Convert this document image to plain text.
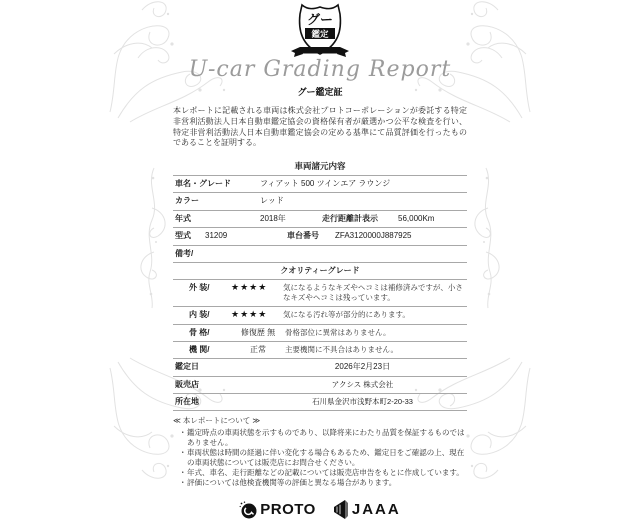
グー
鑑定
U-car Grading Report
グー鑑定証
本レポートに記載される車両は株式会社プロトコーポレーションが委託する特定非営利活動法人日本自動車鑑定協会の資格保有者が厳選かつ公平な検査を行い、特定非営利活動法人日本自動車鑑定協会の定める基準にて品質評価を行ったものであることを証明する。
車両諸元内容
車名・グレード	フィアット 500 ツインエア ラウンジ
カラー	レッド
年式	2018年	走行距離計表示	56,000Km
型式	31209	車台番号	ZFA3120000J887925
備考/
クオリティーグレード
外 装/	★★★★	気になるようなキズやヘコミは補修済みですが、小さなキズやヘコミは残っています。
内 装/	★★★★	気になる汚れ等が部分的にあります。
骨 格/	修復歴 無	骨格部位に異常はありません。
機 関/	正常	主要機関に不具合はありません。
鑑定日	2026年2月23日
販売店	アクシス 株式会社
所在地	石川県金沢市浅野本町2-20-33
≪ 本レポートについて ≫
・ 鑑定時点の車両状態を示すものであり、以降将来にわたり品質を保証するものではありません。
・ 車両状態は時間の経過に伴い変化する場合もあるため、鑑定日をご確認の上、現在の車両状態については販売店にお問合せください。
・ 年式、車名、走行距離などの記載については販売店申告をもとに作成しています。
・ 評価については他検査機関等の評価と異なる場合があります。
PROTO JAAA
